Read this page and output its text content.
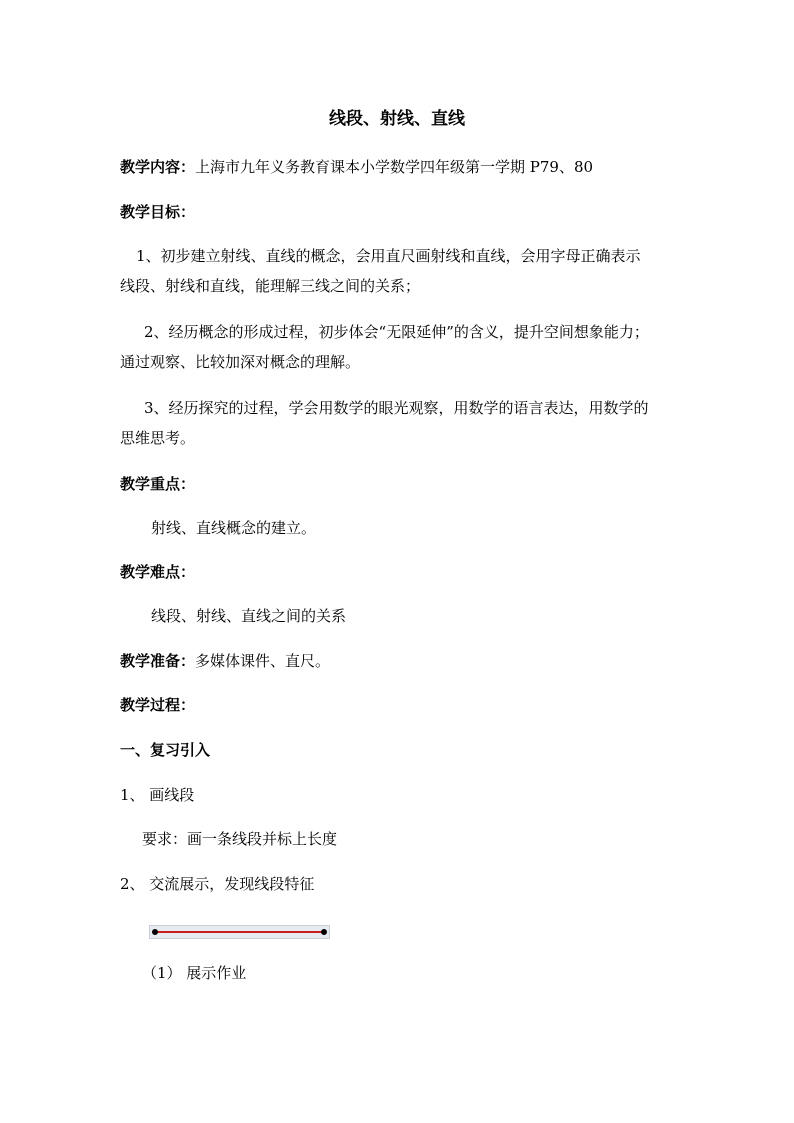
线段、射线、直线
教学内容：上海市九年义务教育课本小学数学四年级第一学期 P79、80
教学目标：
1、初步建立射线、直线的概念，会用直尺画射线和直线，会用字母正确表示
线段、射线和直线，能理解三线之间的关系；
2、经历概念的形成过程，初步体会“无限延伸”的含义，提升空间想象能力；
通过观察、比较加深对概念的理解。
3、经历探究的过程，学会用数学的眼光观察，用数学的语言表达，用数学的
思维思考。
教学重点：
射线、直线概念的建立。
教学难点：
线段、射线、直线之间的关系
教学准备：多媒体课件、直尺。
教学过程：
一、复习引入
1、 画线段
要求：画一条线段并标上长度
2、 交流展示，发现线段特征
（1） 展示作业
